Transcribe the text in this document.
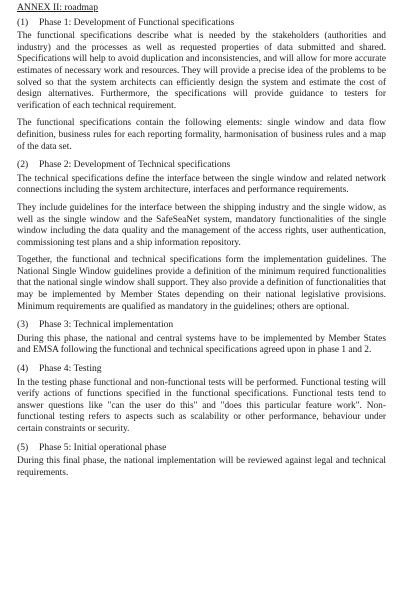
ANNEX II: roadmap
(1)	Phase 1: Development of Functional specifications

The functional specifications describe what is needed by the stakeholders (authorities and industry) and the processes as well as requested properties of data submitted and shared. Specifications will help to avoid duplication and inconsistencies, and will allow for more accurate estimates of necessary work and resources. They will provide a precise idea of the problems to be solved so that the system architects can efficiently design the system and estimate the cost of design alternatives. Furthermore, the specifications will provide guidance to testers for verification of each technical requirement.

The functional specifications contain the following elements: single window and data flow definition, business rules for each reporting formality, harmonisation of business rules and a map of the data set.

(2)	Phase 2: Development of Technical specifications

The technical specifications define the interface between the single window and related network connections including the system architecture, interfaces and performance requirements.

They include guidelines for the interface between the shipping industry and the single widow, as well as the single window and the SafeSeaNet system, mandatory functionalities of the single window including the data quality and the management of the access rights, user authentication, commissioning test plans and a ship information repository.

Together, the functional and technical specifications form the implementation guidelines. The National Single Window guidelines provide a definition of the minimum required functionalities that the national single window shall support. They also provide a definition of functionalities that may be implemented by Member States depending on their national legislative provisions. Minimum requirements are qualified as mandatory in the guidelines; others are optional.

(3)	Phase 3: Technical implementation

During this phase, the national and central systems have to be implemented by Member States and EMSA following the functional and technical specifications agreed upon in phase 1 and 2.

(4)	Phase 4: Testing

In the testing phase functional and non-functional tests will be performed. Functional testing will verify actions of functions specified in the functional specifications. Functional tests tend to answer questions like "can the user do this" and "does this particular feature work". Non-functional testing refers to aspects such as scalability or other performance, behaviour under certain constraints or security.

(5)	Phase 5: Initial operational phase

During this final phase, the national implementation will be reviewed against legal and technical requirements.
